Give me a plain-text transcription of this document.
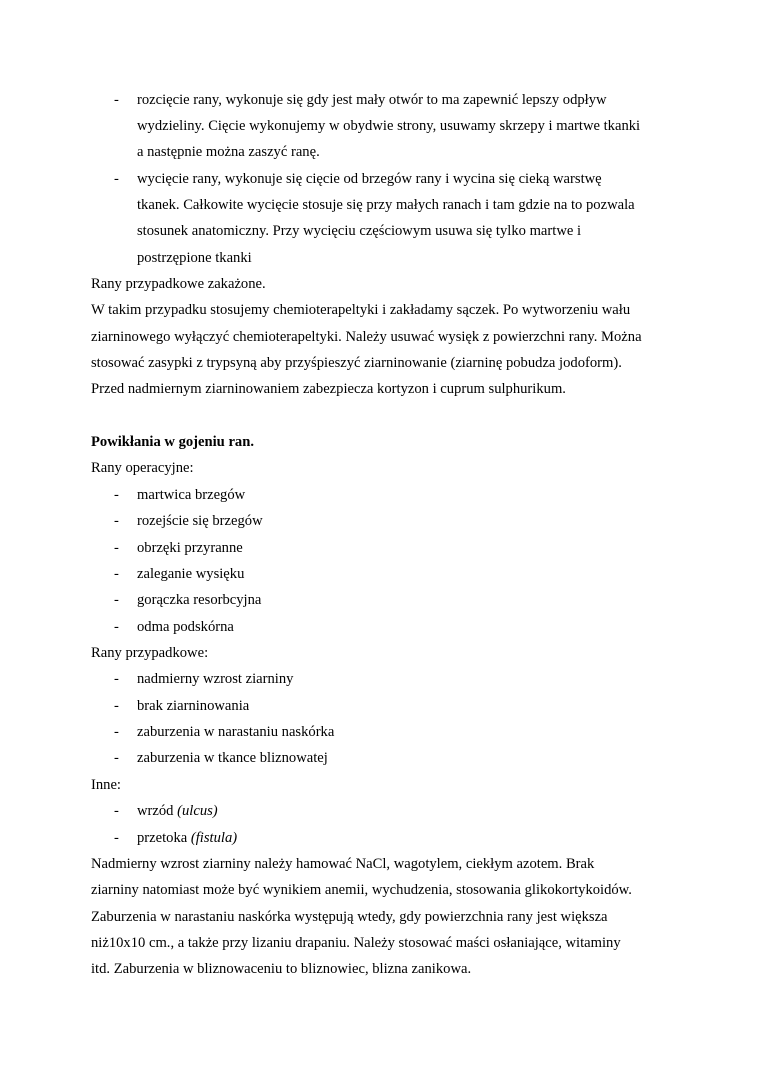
- rozcięcie rany, wykonuje się gdy jest mały otwór to ma zapewnić lepszy odpływ
wydzieliny. Cięcie wykonujemy w obydwie strony, usuwamy skrzepy i martwe tkanki
a następnie można zaszyć ranę.
- wycięcie rany, wykonuje się cięcie od brzegów rany i wycina się cieką warstwę
tkanek. Całkowite wycięcie stosuje się przy małych ranach i tam gdzie na to pozwala
stosunek anatomiczny. Przy wycięciu częściowym usuwa się tylko martwe i
postrzępione tkanki
Rany przypadkowe zakażone.
W takim przypadku stosujemy chemioterapeltyki i zakładamy sączek. Po wytworzeniu wału
ziarninowego wyłączyć chemioterapeltyki. Należy usuwać wysięk z powierzchni rany. Można
stosować zasypki z trypsyną aby przyśpieszyć ziarninowanie (ziarninę pobudza jodoform).
Przed nadmiernym ziarninowaniem zabezpiecza kortyzon i cuprum sulphurikum.
Powikłania w gojeniu ran.
Rany operacyjne:
- martwica brzegów
- rozejście się brzegów
- obrzęki przyranne
- zaleganie wysięku
- gorączka resorbcyjna
- odma podskórna
Rany przypadkowe:
- nadmierny wzrost ziarniny
- brak ziarninowania
- zaburzenia w narastaniu naskórka
- zaburzenia w tkance bliznowatej
Inne:
- wrzód (ulcus)
- przetoka (fistula)
Nadmierny wzrost ziarniny należy hamować NaCl, wagotylem, ciekłym azotem. Brak
ziarniny natomiast może być wynikiem anemii, wychudzenia, stosowania glikokortykoidów.
Zaburzenia w narastaniu naskórka występują wtedy, gdy powierzchnia rany jest większa
niż10x10 cm., a także przy lizaniu drapaniu. Należy stosować maści osłaniające, witaminy
itd. Zaburzenia w bliznowaceniu to bliznowiec, blizna zanikowa.
